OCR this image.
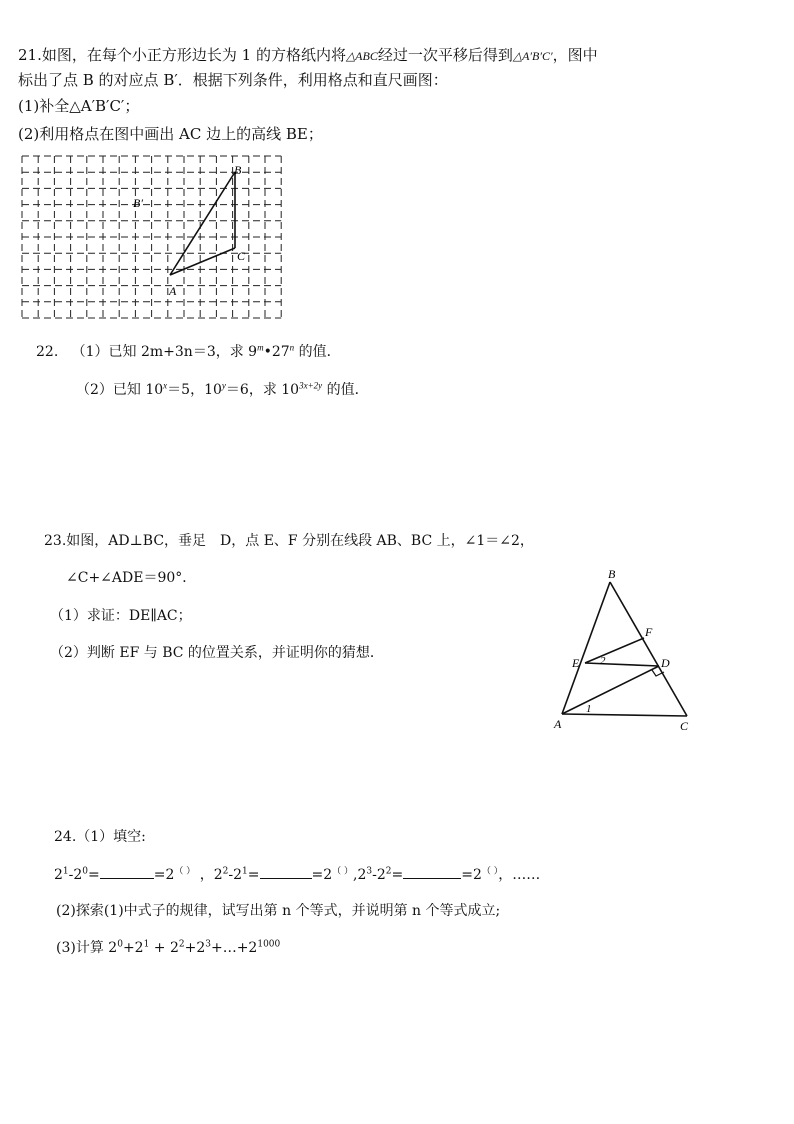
21.如图，在每个小正方形边长为 1 的方格纸内将△ABC经过一次平移后得到△A′B′C′，图中
标出了点 B 的对应点 B′．根据下列条件，利用格点和直尺画图：
(1)补全△A′B′C′；
(2)利用格点在图中画出 AC 边上的高线 BE；
B
C
A
B′
22. （1）已知 2m+3n＝3，求 9$^m$•27$^n$ 的值．
（2）已知 $10^x=5$，$10^y=6$，求 $10^{3x+2y}$ 的值．
23.如图，AD⊥BC，垂足　D，点 E、F 分别在线段 AB、BC 上，∠1＝∠2，
∠C+∠ADE＝90°．
（1）求证：DE∥AC；
（2）判断 EF 与 BC 的位置关系，并证明你的猜想．
B
F
E	D
A	C
1
2
24.（1）填空:
$2^1-2^0=$	=2（ ） ，$2^2-2^1=$	$=2^{( )},2^3-2^2=$	=2（ ），……
(2)探索(1)中式子的规律，试写出第 n 个等式，并说明第 n 个等式成立;
(3)计算 $2^0+2^1$ + $2^2+2^3+\dots+2^{1000}$
